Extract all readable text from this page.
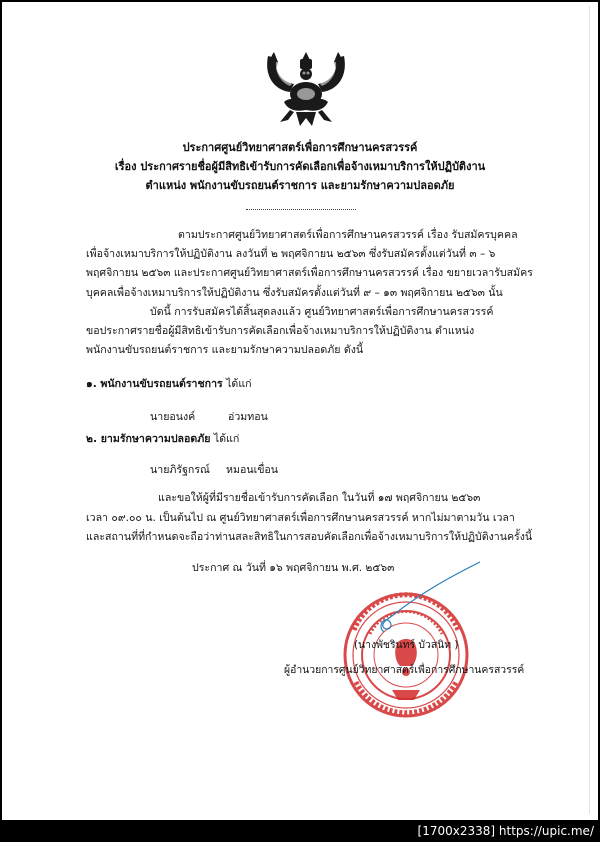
ประกาศศูนย์วิทยาศาสตร์เพื่อการศึกษานครสวรรค์
เรื่อง ประกาศรายชื่อผู้มีสิทธิเข้ารับการคัดเลือกเพื่อจ้างเหมาบริการให้ปฏิบัติงาน
ตำแหน่ง พนักงานขับรถยนต์ราชการ และยามรักษาความปลอดภัย
ตามประกาศศูนย์วิทยาศาสตร์เพื่อการศึกษานครสวรรค์ เรื่อง รับสมัครบุคคล
เพื่อจ้างเหมาบริการให้ปฏิบัติงาน ลงวันที่ ๒ พฤศจิกายน ๒๕๖๓ ซึ่งรับสมัครตั้งแต่วันที่ ๓ – ๖
พฤศจิกายน ๒๕๖๓ และประกาศศูนย์วิทยาศาสตร์เพื่อการศึกษานครสวรรค์ เรื่อง ขยายเวลารับสมัคร
บุคคลเพื่อจ้างเหมาบริการให้ปฏิบัติงาน ซึ่งรับสมัครตั้งแต่วันที่ ๙ – ๑๓ พฤศจิกายน ๒๕๖๓ นั้น
บัดนี้ การรับสมัครได้สิ้นสุดลงแล้ว ศูนย์วิทยาศาสตร์เพื่อการศึกษานครสวรรค์
ขอประกาศรายชื่อผู้มีสิทธิเข้ารับการคัดเลือกเพื่อจ้างเหมาบริการให้ปฏิบัติงาน ตำแหน่ง
พนักงานขับรถยนต์ราชการ และยามรักษาความปลอดภัย ดังนี้
๑. พนักงานขับรถยนต์ราชการ ได้แก่
นายอนงค์	อ่วมทอน
๒. ยามรักษาความปลอดภัย ได้แก่
นายภิรัฐกรณ์ หมอนเขื่อน
และขอให้ผู้ที่มีรายชื่อเข้ารับการคัดเลือก ในวันที่ ๑๗ พฤศจิกายน ๒๕๖๓
เวลา ๐๙.๐๐ น. เป็นต้นไป ณ ศูนย์วิทยาศาสตร์เพื่อการศึกษานครสวรรค์ หากไม่มาตามวัน เวลา
และสถานที่ที่กำหนดจะถือว่าท่านสละสิทธิในการสอบคัดเลือกเพื่อจ้างเหมาบริการให้ปฏิบัติงานครั้งนี้
ประกาศ ณ วันที่ ๑๖ พฤศจิกายน พ.ศ. ๒๕๖๓
(นางพัชรินทร์ บัวสนิท )
ผู้อำนวยการศูนย์วิทยาศาสตร์เพื่อการศึกษานครสวรรค์
[1700x2338] https://upic.me/
